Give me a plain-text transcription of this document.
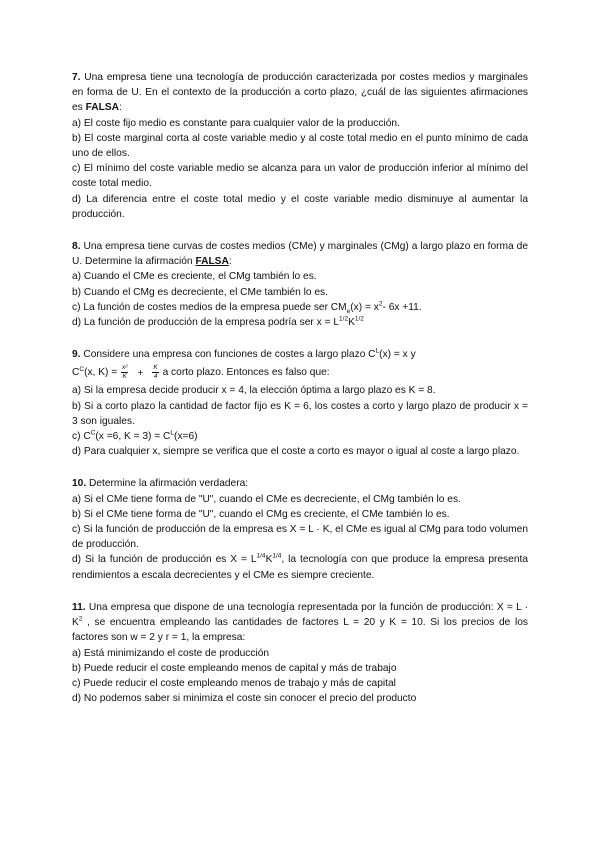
7. Una empresa tiene una tecnología de producción caracterizada por costes medios y marginales en forma de U. En el contexto de la producción a corto plazo, ¿cuál de las siguientes afirmaciones es FALSA:

a) El coste fijo medio es constante para cualquier valor de la producción.

b) El coste marginal corta al coste variable medio y al coste total medio en el punto mínimo de cada uno de ellos.

c) El mínimo del coste variable medio se alcanza para un valor de producción inferior al mínimo del coste total medio.

d) La diferencia entre el coste total medio y el coste variable medio disminuye al aumentar la producción.

8. Una empresa tiene curvas de costes medios (CMe) y marginales (CMg) a largo plazo en forma de U. Determine la afirmación FALSA:

a) Cuando el CMe es creciente, el CMg también lo es.

b) Cuando el CMg es decreciente, el CMe también lo es.

c) La función de costes medios de la empresa puede ser $CM_e(x) = x^2-$ 6x +11.

d) La función de producción de la empresa podría ser $x = L^{1/2}K^{1/2}$

9. Considere una empresa con funciones de costes a largo plazo $C^L(x) = x$ y

$C^C(x$, $K) = \frac{\text{x²}}{K} + \frac{K}{4}$ a corto plazo. Entonces es falso que:

a) Si la empresa decide producir x = 4, la elección óptima a largo plazo es K = 8.

b) Si a corto plazo la cantidad de factor fijo es K = 6, los costes a corto y largo plazo de producir x = 3 son iguales.

c) $C^C(x =6$, $K = 3) = C^L(x=6)$

d) Para cualquier x, siempre se verifica que el coste a corto es mayor o igual al coste a largo plazo.

10. Determine la afirmación verdadera:

a) Si el CMe tiene forma de "U", cuando el CMe es decreciente, el CMg también lo es.

b) Si el CMe tiene forma de "U", cuando el CMg es creciente, el CMe también lo es.

c) Si la función de producción de la empresa es X = L · K, el CMe es igual al CMg para todo volumen de producción.

d) Si la función de producción es $X = L^{1/4}K^{1/4}$, la tecnología con que produce la empresa presenta rendimientos a escala decrecientes y el CMe es siempre creciente.

11. Una empresa que dispone de una tecnología representada por la función de producción: $X = L \cdot K^2$ , se encuentra empleando las cantidades de factores L = 20 y K = 10. Si los precios de los factores son w = 2 y r = 1, la empresa:

a) Está minimizando el coste de producción

b) Puede reducir el coste empleando menos de capital y más de trabajo

c) Puede reducir el coste empleando menos de trabajo y más de capital

d) No podemos saber si minimiza el coste sin conocer el precio del producto
